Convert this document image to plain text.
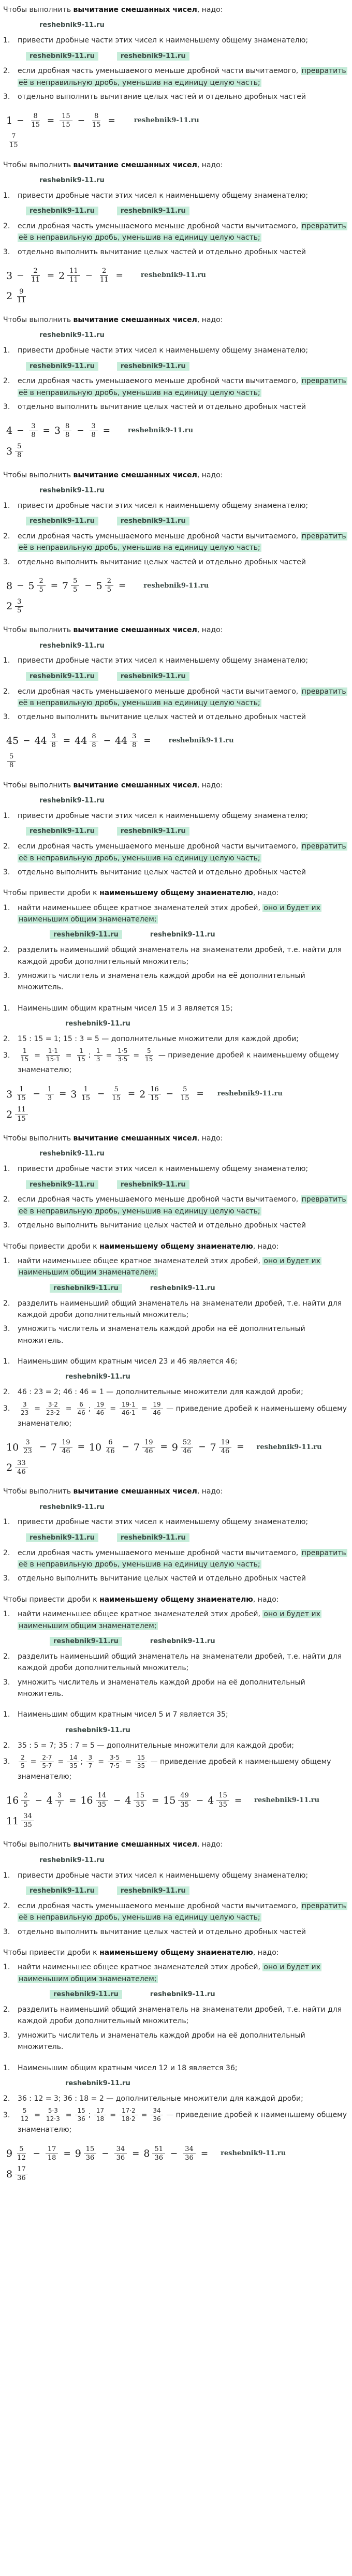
Чтобы выполнить вычитание смешанных чисел, надо:
reshebnik9-11.ru
1. привести дробные части этих чисел к наименьшему общему знаменателю;
reshebnik9-11.ru	reshebnik9-11.ru
2. если дробная часть уменьшаемого меньше дробной части вычитаемого, превратить её в неправильную дробь, уменьшив на единицу целую часть;
3. отдельно выполнить вычитание целых частей и отдельно дробных частей
$1 - \frac{8}{15} = \frac{15}{15} - \frac{8}{15}$ =	reshebnik9-11.ru
$\frac{7}{15}$
Чтобы выполнить вычитание смешанных чисел, надо:
reshebnik9-11.ru
1. привести дробные части этих чисел к наименьшему общему знаменателю;
reshebnik9-11.ru	reshebnik9-11.ru
2. если дробная часть уменьшаемого меньше дробной части вычитаемого, превратить её в неправильную дробь, уменьшив на единицу целую часть;
3. отдельно выполнить вычитание целых частей и отдельно дробных частей
$3 - \frac{2}{11} = 2 \frac{11}{11} - \frac{2}{11}$ =	reshebnik9-11.ru
$2 \frac{9}{11}$
Чтобы выполнить вычитание смешанных чисел, надо:
reshebnik9-11.ru
1. привести дробные части этих чисел к наименьшему общему знаменателю;
reshebnik9-11.ru	reshebnik9-11.ru
2. если дробная часть уменьшаемого меньше дробной части вычитаемого, превратить её в неправильную дробь, уменьшив на единицу целую часть;
3. отдельно выполнить вычитание целых частей и отдельно дробных частей
$4 - \frac{3}{8} = 3 \frac{8}{8} - \frac{3}{8}$ =	reshebnik9-11.ru
$3 \frac{5}{8}$
Чтобы выполнить вычитание смешанных чисел, надо:
reshebnik9-11.ru
1. привести дробные части этих чисел к наименьшему общему знаменателю;
reshebnik9-11.ru	reshebnik9-11.ru
2. если дробная часть уменьшаемого меньше дробной части вычитаемого, превратить её в неправильную дробь, уменьшив на единицу целую часть;
3. отдельно выполнить вычитание целых частей и отдельно дробных частей
$8 - 5 \frac{2}{5} = 7 \frac{5}{5} - 5 \frac{2}{5}$ =	reshebnik9-11.ru
$2 \frac{3}{5}$
Чтобы выполнить вычитание смешанных чисел, надо:
reshebnik9-11.ru
1. привести дробные части этих чисел к наименьшему общему знаменателю;
reshebnik9-11.ru	reshebnik9-11.ru
2. если дробная часть уменьшаемого меньше дробной части вычитаемого, превратить её в неправильную дробь, уменьшив на единицу целую часть;
3. отдельно выполнить вычитание целых частей и отдельно дробных частей
$45 - 44 \frac{3}{8} = 44 \frac{8}{8} - 44 \frac{3}{8}$ =	reshebnik9-11.ru
$\frac{5}{8}$
Чтобы выполнить вычитание смешанных чисел, надо:
reshebnik9-11.ru
1. привести дробные части этих чисел к наименьшему общему знаменателю;
reshebnik9-11.ru	reshebnik9-11.ru
2. если дробная часть уменьшаемого меньше дробной части вычитаемого, превратить её в неправильную дробь, уменьшив на единицу целую часть;
3. отдельно выполнить вычитание целых частей и отдельно дробных частей
Чтобы привести дроби к наименьшему общему знаменателю, надо:
1. найти наименьшее общее кратное знаменателей этих дробей, оно и будет их наименьшим общим знаменателем;
reshebnik9-11.ru	reshebnik9-11.ru
2. разделить наименьший общий знаменатель на знаменатели дробей, т.е. найти для каждой дроби дополнительный множитель;
3. умножить числитель и знаменатель каждой дроби на её дополнительный множитель.
1. Наименьшим общим кратным чисел 15 и 3 является 15;
reshebnik9-11.ru
2. 15 : 15 = 1; 15 : 3 = 5 — дополнительные множители для каждой дроби;
3. $\frac{1}{15} = \frac{1\cdot 1}{15\cdot 1} = \frac{1}{15}$ ; $\frac{1}{3} = \frac{1\cdot 5}{3\cdot 5} = \frac{5}{15}$ — приведение дробей к наименьшему общему знаменателю;
$3 \frac{1}{15} - \frac{1}{3} = 3 \frac{1}{15} - \frac{5}{15} = 2 \frac{16}{15} - \frac{5}{15}$ = reshebnik9-11.ru
$2 \frac{11}{15}$
Чтобы выполнить вычитание смешанных чисел, надо:
reshebnik9-11.ru
1. привести дробные части этих чисел к наименьшему общему знаменателю;
reshebnik9-11.ru	reshebnik9-11.ru
2. если дробная часть уменьшаемого меньше дробной части вычитаемого, превратить её в неправильную дробь, уменьшив на единицу целую часть;
3. отдельно выполнить вычитание целых частей и отдельно дробных частей
Чтобы привести дроби к наименьшему общему знаменателю, надо:
1. найти наименьшее общее кратное знаменателей этих дробей, оно и будет их наименьшим общим знаменателем;
reshebnik9-11.ru	reshebnik9-11.ru
2. разделить наименьший общий знаменатель на знаменатели дробей, т.е. найти для каждой дроби дополнительный множитель;
3. умножить числитель и знаменатель каждой дроби на её дополнительный множитель.
1. Наименьшим общим кратным чисел 23 и 46 является 46;
reshebnik9-11.ru
2. 46 : 23 = 2; 46 : 46 = 1 — дополнительные множители для каждой дроби;
3. $\frac{3}{23} = \frac{3\cdot 2}{23\cdot 2} = \frac{6}{46}$ ; $\frac{19}{46} = \frac{19\cdot 1}{46\cdot 1} = \frac{19}{46}$ — приведение дробей к наименьшему общему знаменателю;
$10 \frac{3}{23} - 7 \frac{19}{46} = 10 \frac{6}{46} - 7 \frac{19}{46} = 9 \frac{52}{46} - 7 \frac{19}{46}$ = reshebnik9-11.ru
$2 \frac{33}{46}$
Чтобы выполнить вычитание смешанных чисел, надо:
reshebnik9-11.ru
1. привести дробные части этих чисел к наименьшему общему знаменателю;
reshebnik9-11.ru	reshebnik9-11.ru
2. если дробная часть уменьшаемого меньше дробной части вычитаемого, превратить её в неправильную дробь, уменьшив на единицу целую часть;
3. отдельно выполнить вычитание целых частей и отдельно дробных частей
Чтобы привести дроби к наименьшему общему знаменателю, надо:
1. найти наименьшее общее кратное знаменателей этих дробей, оно и будет их наименьшим общим знаменателем;
reshebnik9-11.ru	reshebnik9-11.ru
2. разделить наименьший общий знаменатель на знаменатели дробей, т.е. найти для каждой дроби дополнительный множитель;
3. умножить числитель и знаменатель каждой дроби на её дополнительный множитель.
1. Наименьшим общим кратным чисел 5 и 7 является 35;
reshebnik9-11.ru
2. 35 : 5 = 7; 35 : 7 = 5 — дополнительные множители для каждой дроби;
3. $\frac{2}{5} = \frac{2\cdot 7}{5\cdot 7} = \frac{14}{35}$ ; $\frac{3}{7} = \frac{3\cdot 5}{7\cdot 5} = \frac{15}{35}$ — приведение дробей к наименьшему общему знаменателю;
$16 \frac{2}{5} - 4 \frac{3}{7} = 16 \frac{14}{35} - 4 \frac{15}{35} = 15 \frac{49}{35} - 4 \frac{15}{35}$ = reshebnik9-11.ru
$11 \frac{34}{35}$
Чтобы выполнить вычитание смешанных чисел, надо:
reshebnik9-11.ru
1. привести дробные части этих чисел к наименьшему общему знаменателю;
reshebnik9-11.ru	reshebnik9-11.ru
2. если дробная часть уменьшаемого меньше дробной части вычитаемого, превратить её в неправильную дробь, уменьшив на единицу целую часть;
3. отдельно выполнить вычитание целых частей и отдельно дробных частей
Чтобы привести дроби к наименьшему общему знаменателю, надо:
1. найти наименьшее общее кратное знаменателей этих дробей, оно и будет их наименьшим общим знаменателем;
reshebnik9-11.ru	reshebnik9-11.ru
2. разделить наименьший общий знаменатель на знаменатели дробей, т.е. найти для каждой дроби дополнительный множитель;
3. умножить числитель и знаменатель каждой дроби на её дополнительный множитель.
1. Наименьшим общим кратным чисел 12 и 18 является 36;
reshebnik9-11.ru
2. 36 : 12 = 3; 36 : 18 = 2 — дополнительные множители для каждой дроби;
3. $\frac{5}{12} = \frac{5\cdot 3}{12\cdot 3} = \frac{15}{36}$ ; $\frac{17}{18} = \frac{17\cdot 2}{18\cdot 2} = \frac{34}{36}$ — приведение дробей к наименьшему общему знаменателю;
$9 \frac{5}{12} - \frac{17}{18} = 9 \frac{15}{36} - \frac{34}{36} = 8 \frac{51}{36} - \frac{34}{36}$ = reshebnik9-11.ru
$8 \frac{17}{36}$
